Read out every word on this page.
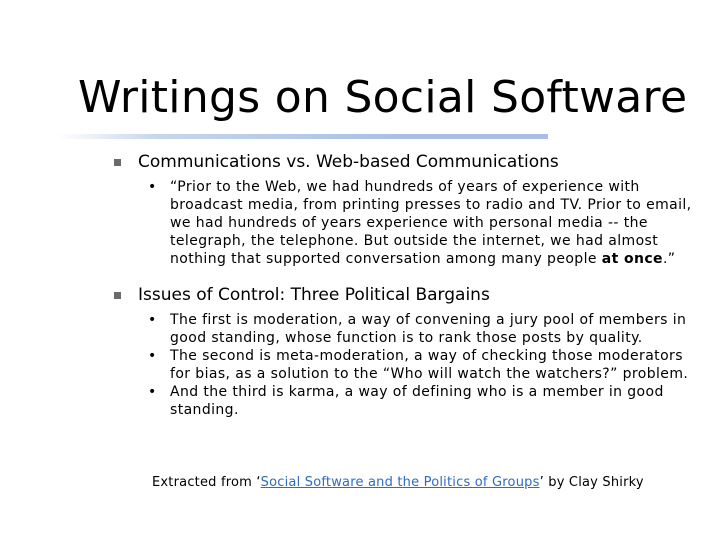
Writings on Social Software
Communications vs. Web-based Communications
• “Prior to the Web, we had hundreds of years of experience with broadcast media, from printing presses to radio and TV. Prior to email, we had hundreds of years experience with personal media -- the telegraph, the telephone. But outside the internet, we had almost nothing that supported conversation among many people at once.”
Issues of Control: Three Political Bargains
• The first is moderation, a way of convening a jury pool of members in good standing, whose function is to rank those posts by quality.
• The second is meta-moderation, a way of checking those moderators for bias, as a solution to the “Who will watch the watchers?” problem.
• And the third is karma, a way of defining who is a member in good standing.
Extracted from ‘Social Software and the Politics of Groups’ by Clay Shirky
